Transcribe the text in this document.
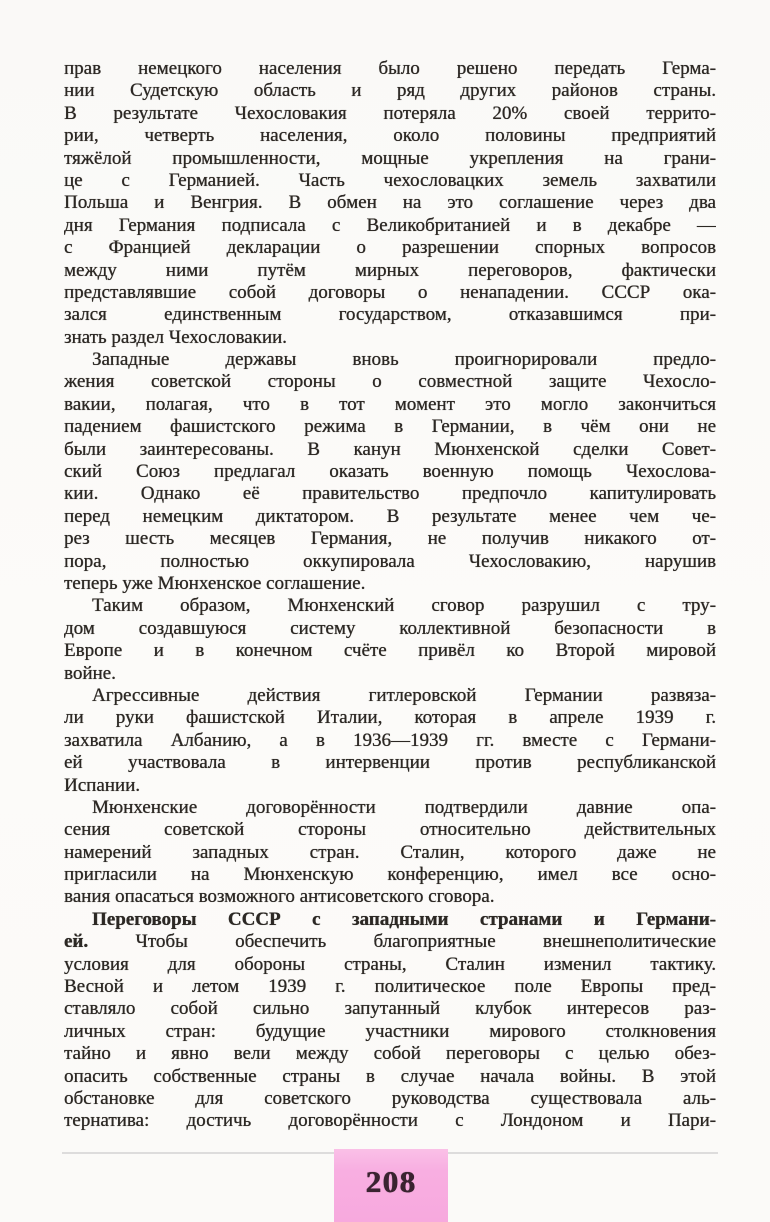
прав немецкого населения было решено передать Герма-
нии Судетскую область и ряд других районов страны.
В результате Чехословакия потеряла 20% своей террито-
рии, четверть населения, около половины предприятий
тяжёлой промышленности, мощные укрепления на грани-
це с Германией. Часть чехословацких земель захватили
Польша и Венгрия. В обмен на это соглашение через два
дня Германия подписала с Великобританией и в декабре —
с Францией декларации о разрешении спорных вопросов
между ними путём мирных переговоров, фактически
представлявшие собой договоры о ненападении. СССР ока-
зался единственным государством, отказавшимся при-
знать раздел Чехословакии.
Западные державы вновь проигнорировали предло-
жения советской стороны о совместной защите Чехосло-
вакии, полагая, что в тот момент это могло закончиться
падением фашистского режима в Германии, в чём они не
были заинтересованы. В канун Мюнхенской сделки Совет-
ский Союз предлагал оказать военную помощь Чехослова-
кии. Однако её правительство предпочло капитулировать
перед немецким диктатором. В результате менее чем че-
рез шесть месяцев Германия, не получив никакого от-
пора, полностью оккупировала Чехословакию, нарушив
теперь уже Мюнхенское соглашение.
Таким образом, Мюнхенский сговор разрушил с тру-
дом создавшуюся систему коллективной безопасности в
Европе и в конечном счёте привёл ко Второй мировой
войне.
Агрессивные действия гитлеровской Германии развяза-
ли руки фашистской Италии, которая в апреле 1939 г.
захватила Албанию, а в 1936—1939 гг. вместе с Германи-
ей участвовала в интервенции против республиканской
Испании.
Мюнхенские договорённости подтвердили давние опа-
сения советской стороны относительно действительных
намерений западных стран. Сталин, которого даже не
пригласили на Мюнхенскую конференцию, имел все осно-
вания опасаться возможного антисоветского сговора.
Переговоры СССР с западными странами и Германи-
ей. Чтобы обеспечить благоприятные внешнеполитические
условия для обороны страны, Сталин изменил тактику.
Весной и летом 1939 г. политическое поле Европы пред-
ставляло собой сильно запутанный клубок интересов раз-
личных стран: будущие участники мирового столкновения
тайно и явно вели между собой переговоры с целью обез-
опасить собственные страны в случае начала войны. В этой
обстановке для советского руководства существовала аль-
тернатива: достичь договорённости с Лондоном и Пари-
208
